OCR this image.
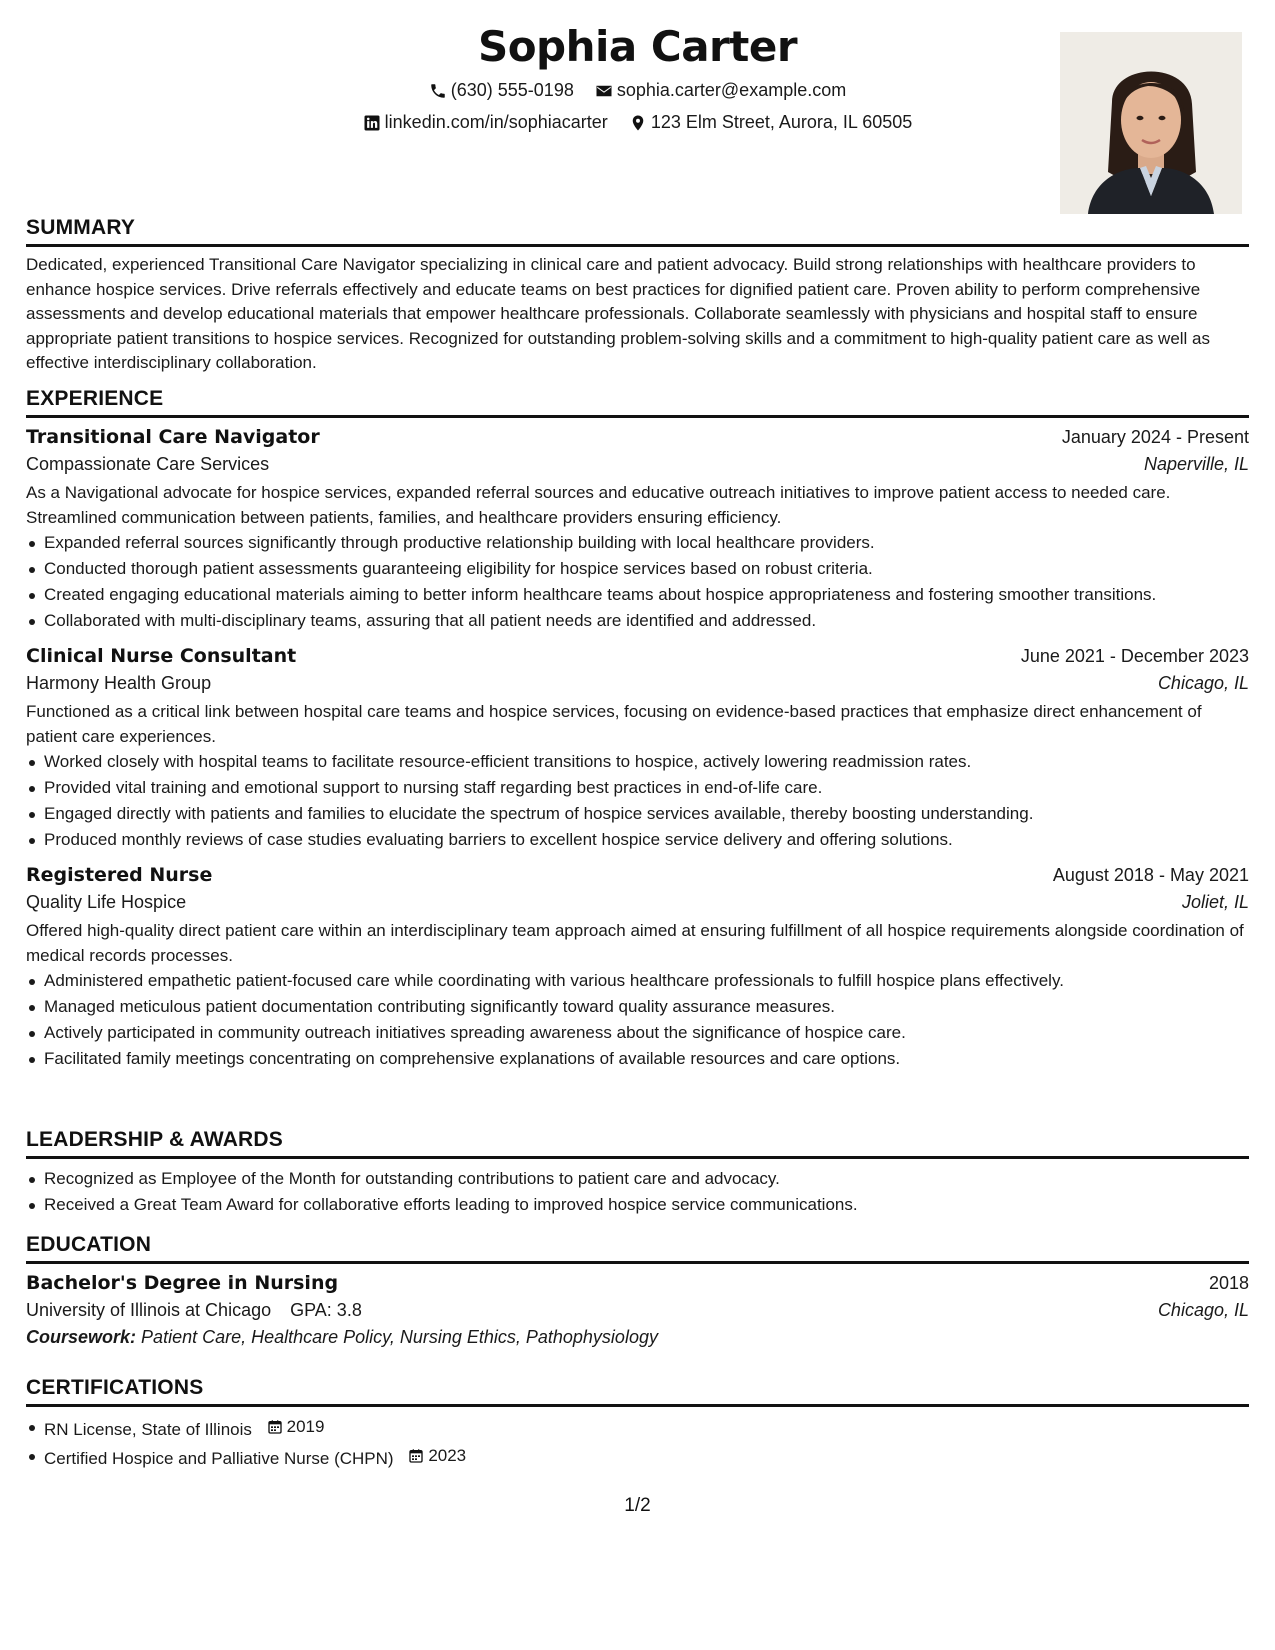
Sophia Carter
(630) 555-0198
sophia.carter@example.com
linkedin.com/in/sophiacarter
123 Elm Street, Aurora, IL 60505
SUMMARY

Dedicated, experienced Transitional Care Navigator specializing in clinical care and patient advocacy. Build strong relationships with healthcare providers to enhance hospice services. Drive referrals effectively and educate teams on best practices for dignified patient care. Proven ability to perform comprehensive assessments and develop educational materials that empower healthcare professionals. Collaborate seamlessly with physicians and hospital staff to ensure appropriate patient transitions to hospice services. Recognized for outstanding problem-solving skills and a commitment to high-quality patient care as well as effective interdisciplinary collaboration.

EXPERIENCE
Transitional Care Navigator	January 2024 - Present
Compassionate Care Services	Naperville, IL

As a Navigational advocate for hospice services, expanded referral sources and educative outreach initiatives to improve patient access to needed care. Streamlined communication between patients, families, and healthcare providers ensuring efficiency.

Expanded referral sources significantly through productive relationship building with local healthcare providers.
Conducted thorough patient assessments guaranteeing eligibility for hospice services based on robust criteria.
Created engaging educational materials aiming to better inform healthcare teams about hospice appropriateness and fostering smoother transitions.
Collaborated with multi-disciplinary teams, assuring that all patient needs are identified and addressed.
Clinical Nurse Consultant	June 2021 - December 2023
Harmony Health Group	Chicago, IL

Functioned as a critical link between hospital care teams and hospice services, focusing on evidence-based practices that emphasize direct enhancement of patient care experiences.

Worked closely with hospital teams to facilitate resource-efficient transitions to hospice, actively lowering readmission rates.
Provided vital training and emotional support to nursing staff regarding best practices in end-of-life care.
Engaged directly with patients and families to elucidate the spectrum of hospice services available, thereby boosting understanding.
Produced monthly reviews of case studies evaluating barriers to excellent hospice service delivery and offering solutions.
Registered Nurse	August 2018 - May 2021
Quality Life Hospice	Joliet, IL

Offered high-quality direct patient care within an interdisciplinary team approach aimed at ensuring fulfillment of all hospice requirements alongside coordination of medical records processes.

Administered empathetic patient-focused care while coordinating with various healthcare professionals to fulfill hospice plans effectively.
Managed meticulous patient documentation contributing significantly toward quality assurance measures.
Actively participated in community outreach initiatives spreading awareness about the significance of hospice care.
Facilitated family meetings concentrating on comprehensive explanations of available resources and care options.
LEADERSHIP & AWARDS
Recognized as Employee of the Month for outstanding contributions to patient care and advocacy.
Received a Great Team Award for collaborative efforts leading to improved hospice service communications.
EDUCATION
Bachelor's Degree in Nursing	2018
University of Illinois at Chicago GPA: 3.8	Chicago, IL
Coursework: Patient Care, Healthcare Policy, Nursing Ethics, Pathophysiology
CERTIFICATIONS
RN License, State of Illinois 2019
Certified Hospice and Palliative Nurse (CHPN) 2023
1/2
